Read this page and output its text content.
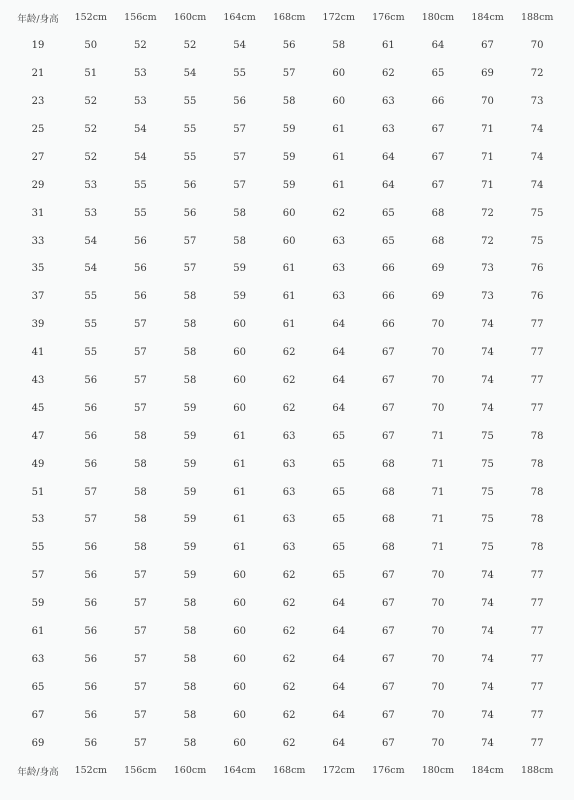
年龄/身高	152cm	156cm	160cm	164cm	168cm	172cm	176cm	180cm	184cm	188cm
19	50	52	52	54	56	58	61	64	67	70
21	51	53	54	55	57	60	62	65	69	72
23	52	53	55	56	58	60	63	66	70	73
25	52	54	55	57	59	61	63	67	71	74
27	52	54	55	57	59	61	64	67	71	74
29	53	55	56	57	59	61	64	67	71	74
31	53	55	56	58	60	62	65	68	72	75
33	54	56	57	58	60	63	65	68	72	75
35	54	56	57	59	61	63	66	69	73	76
37	55	56	58	59	61	63	66	69	73	76
39	55	57	58	60	61	64	66	70	74	77
41	55	57	58	60	62	64	67	70	74	77
43	56	57	58	60	62	64	67	70	74	77
45	56	57	59	60	62	64	67	70	74	77
47	56	58	59	61	63	65	67	71	75	78
49	56	58	59	61	63	65	68	71	75	78
51	57	58	59	61	63	65	68	71	75	78
53	57	58	59	61	63	65	68	71	75	78
55	56	58	59	61	63	65	68	71	75	78
57	56	57	59	60	62	65	67	70	74	77
59	56	57	58	60	62	64	67	70	74	77
61	56	57	58	60	62	64	67	70	74	77
63	56	57	58	60	62	64	67	70	74	77
65	56	57	58	60	62	64	67	70	74	77
67	56	57	58	60	62	64	67	70	74	77
69	56	57	58	60	62	64	67	70	74	77
年龄/身高	152cm	156cm	160cm	164cm	168cm	172cm	176cm	180cm	184cm	188cm
